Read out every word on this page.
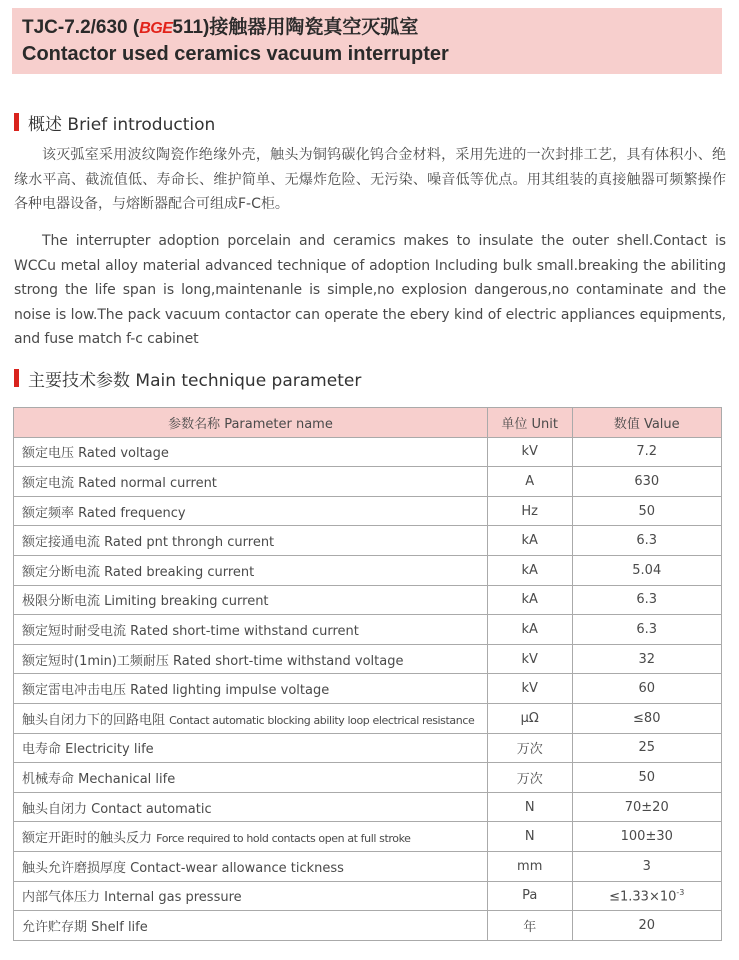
TJC-7.2/630 (BGE511)接触器用陶瓷真空灭弧室
Contactor used ceramics vacuum interrupter
概述 Brief introduction

该灭弧室采用波纹陶瓷作绝缘外壳，触头为铜钨碳化钨合金材料，采用先进的一次封排工艺，具有体积小、绝缘水平高、截流值低、寿命长、维护简单、无爆炸危险、无污染、噪音低等优点。用其组装的真接触器可频繁操作各种电器设备，与熔断器配合可组成F-C柜。

The interrupter adoption porcelain and ceramics makes to insulate the outer shell.Contact is WCCu metal alloy material advanced technique of adoption Including bulk small.breaking the abiliting strong the life span is long,maintenanle is simple,no explosion dangerous,no contaminate and the noise is low.The pack vacuum contactor can operate the ebery kind of electric appliances equipments, and fuse match f-c cabinet

主要技术参数 Main technique parameter
参数名称 Parameter name	单位 Unit	数值 Value
额定电压 Rated voltage	kV	7.2
额定电流 Rated normal current	A	630
额定频率 Rated frequency	Hz	50
额定接通电流 Rated pnt throngh current	kA	6.3
额定分断电流 Rated breaking current	kA	5.04
极限分断电流 Limiting breaking current	kA	6.3
额定短时耐受电流 Rated short-time withstand current	kA	6.3
额定短时(1min)工频耐压 Rated short-time withstand voltage	kV	32
额定雷电冲击电压 Rated lighting impulse voltage	kV	60
触头自闭力下的回路电阻 Contact automatic blocking ability loop electrical resistance	μΩ	≤80
电寿命 Electricity life	万次	25
机械寿命 Mechanical life	万次	50
触头自闭力 Contact automatic	N	70±20
额定开距时的触头反力 Force required to hold contacts open at full stroke	N	100±30
触头允许磨损厚度 Contact-wear allowance tickness	mm	3
内部气体压力 Internal gas pressure	Pa	$\le 1.33\times 10^{-3}$
允许贮存期 Shelf life	年	20
